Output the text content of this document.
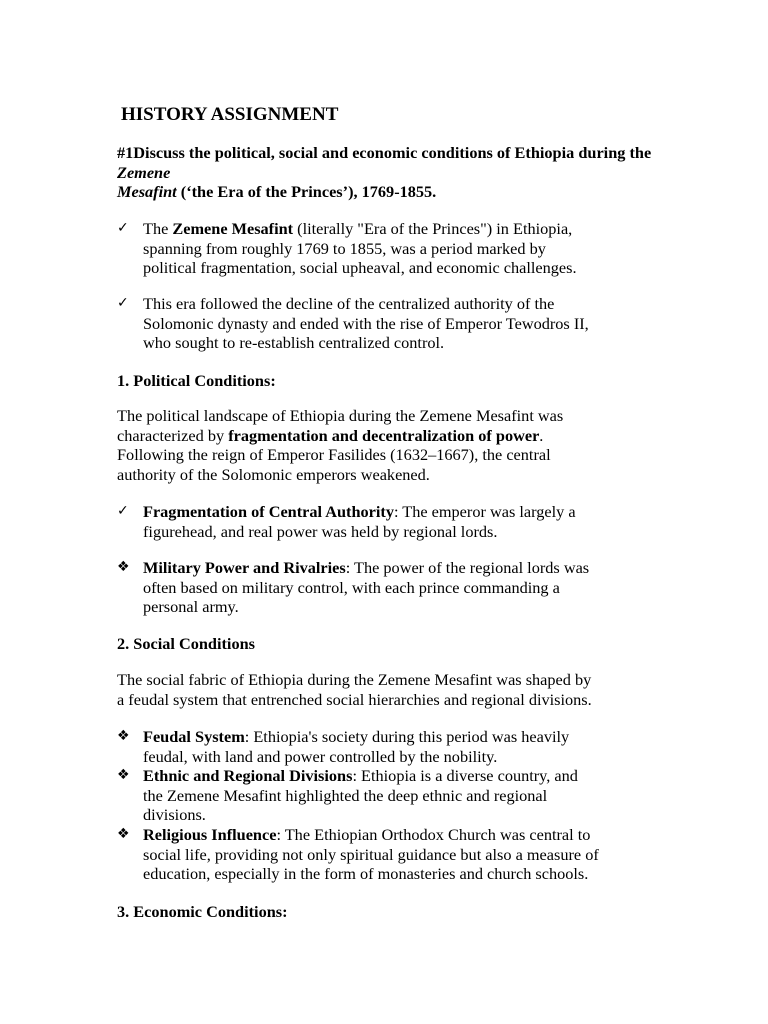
HISTORY ASSIGNMENT

#1Discuss the political, social and economic conditions of Ethiopia during the Zemene

Mesafint (‘the Era of the Princes’), 1769-1855.

✓ The Zemene Mesafint (literally "Era of the Princes") in Ethiopia,

spanning from roughly 1769 to 1855, was a period marked by

political fragmentation, social upheaval, and economic challenges.

✓ This era followed the decline of the centralized authority of the

Solomonic dynasty and ended with the rise of Emperor Tewodros II,

who sought to re-establish centralized control.

1. Political Conditions:

The political landscape of Ethiopia during the Zemene Mesafint was

characterized by fragmentation and decentralization of power.

Following the reign of Emperor Fasilides (1632–1667), the central

authority of the Solomonic emperors weakened.

✓ Fragmentation of Central Authority: The emperor was largely a

figurehead, and real power was held by regional lords.

❖ Military Power and Rivalries: The power of the regional lords was

often based on military control, with each prince commanding a

personal army.

2. Social Conditions

The social fabric of Ethiopia during the Zemene Mesafint was shaped by

a feudal system that entrenched social hierarchies and regional divisions.

❖ Feudal System: Ethiopia's society during this period was heavily

feudal, with land and power controlled by the nobility.

❖ Ethnic and Regional Divisions: Ethiopia is a diverse country, and

the Zemene Mesafint highlighted the deep ethnic and regional

divisions.

❖ Religious Influence: The Ethiopian Orthodox Church was central to

social life, providing not only spiritual guidance but also a measure of

education, especially in the form of monasteries and church schools.

3. Economic Conditions:
